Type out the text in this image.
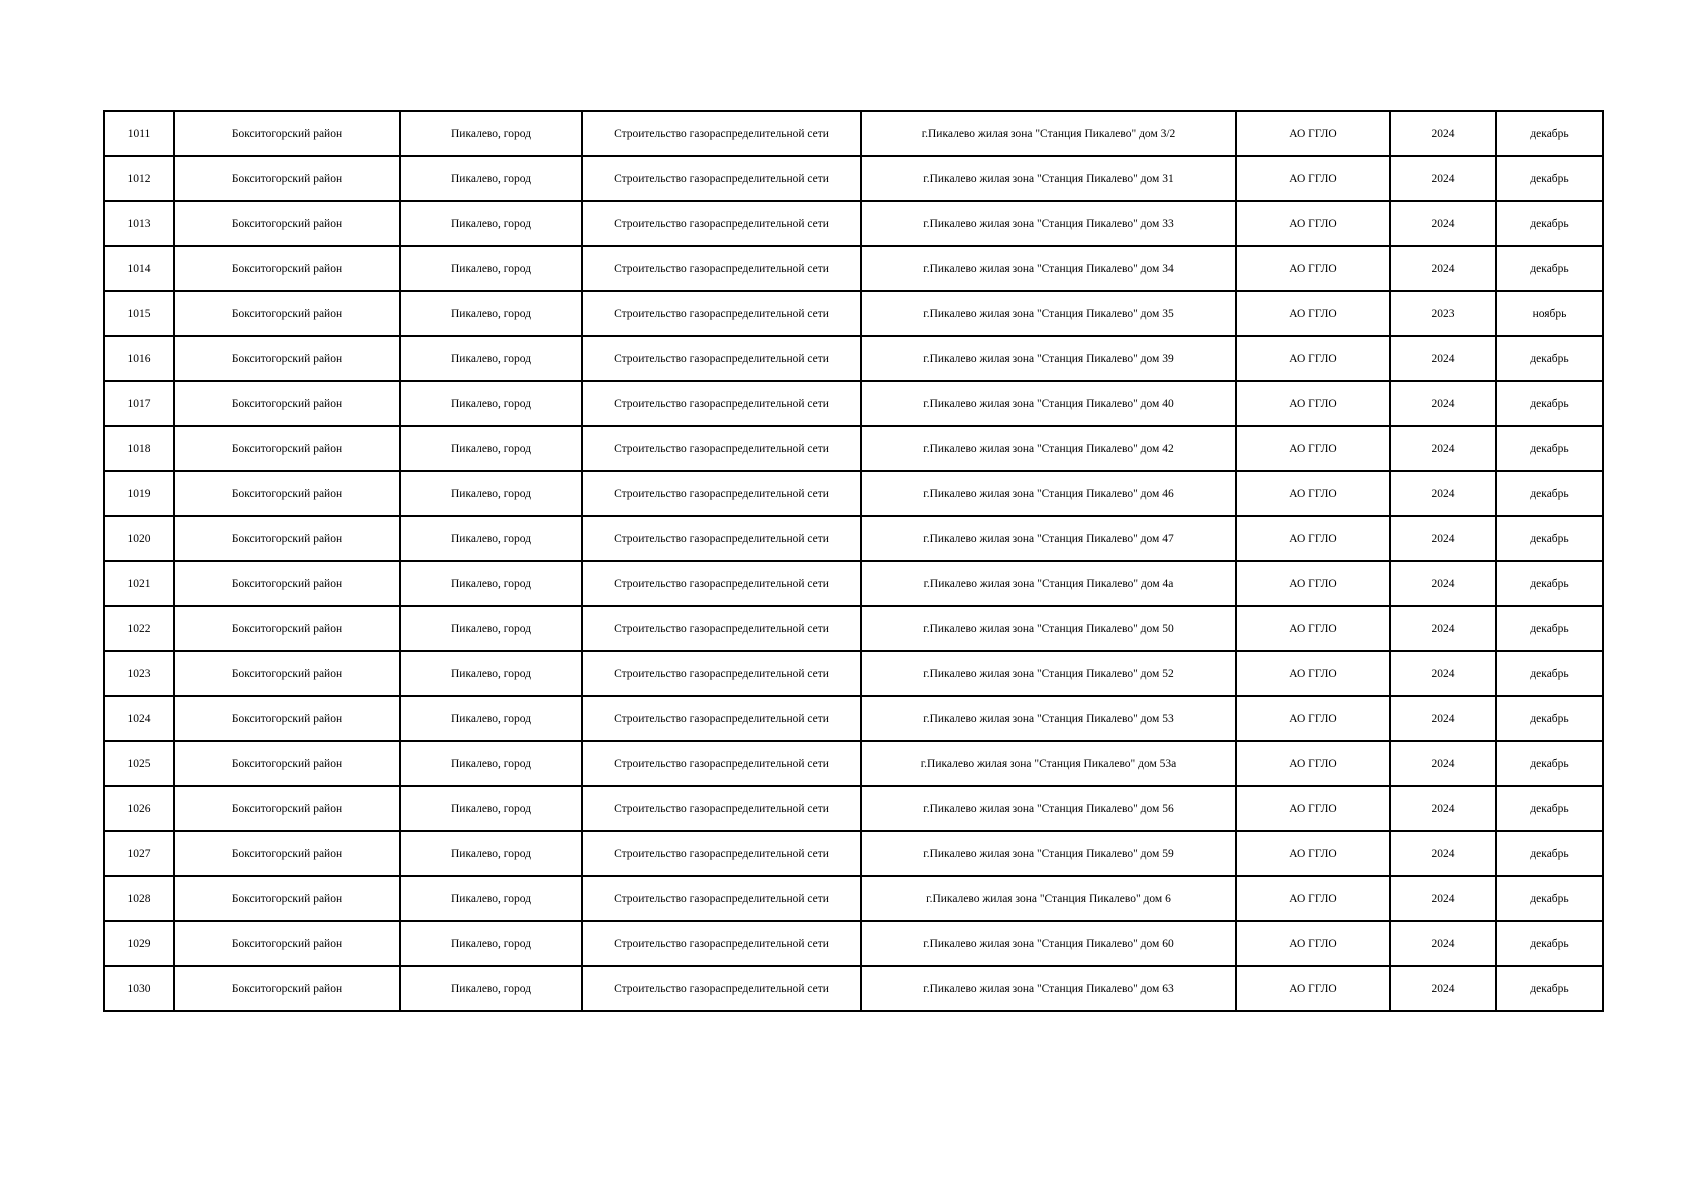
1011	Бокситогорский район	Пикалево, город	Строительство газораспределительной сети	г.Пикалево жилая зона "Станция Пикалево" дом 3/2	АО ГГЛО	2024	декабрь
1012	Бокситогорский район	Пикалево, город	Строительство газораспределительной сети	г.Пикалево жилая зона "Станция Пикалево" дом 31	АО ГГЛО	2024	декабрь
1013	Бокситогорский район	Пикалево, город	Строительство газораспределительной сети	г.Пикалево жилая зона "Станция Пикалево" дом 33	АО ГГЛО	2024	декабрь
1014	Бокситогорский район	Пикалево, город	Строительство газораспределительной сети	г.Пикалево жилая зона "Станция Пикалево" дом 34	АО ГГЛО	2024	декабрь
1015	Бокситогорский район	Пикалево, город	Строительство газораспределительной сети	г.Пикалево жилая зона "Станция Пикалево" дом 35	АО ГГЛО	2023	ноябрь
1016	Бокситогорский район	Пикалево, город	Строительство газораспределительной сети	г.Пикалево жилая зона "Станция Пикалево" дом 39	АО ГГЛО	2024	декабрь
1017	Бокситогорский район	Пикалево, город	Строительство газораспределительной сети	г.Пикалево жилая зона "Станция Пикалево" дом 40	АО ГГЛО	2024	декабрь
1018	Бокситогорский район	Пикалево, город	Строительство газораспределительной сети	г.Пикалево жилая зона "Станция Пикалево" дом 42	АО ГГЛО	2024	декабрь
1019	Бокситогорский район	Пикалево, город	Строительство газораспределительной сети	г.Пикалево жилая зона "Станция Пикалево" дом 46	АО ГГЛО	2024	декабрь
1020	Бокситогорский район	Пикалево, город	Строительство газораспределительной сети	г.Пикалево жилая зона "Станция Пикалево" дом 47	АО ГГЛО	2024	декабрь
1021	Бокситогорский район	Пикалево, город	Строительство газораспределительной сети	г.Пикалево жилая зона "Станция Пикалево" дом 4а	АО ГГЛО	2024	декабрь
1022	Бокситогорский район	Пикалево, город	Строительство газораспределительной сети	г.Пикалево жилая зона "Станция Пикалево" дом 50	АО ГГЛО	2024	декабрь
1023	Бокситогорский район	Пикалево, город	Строительство газораспределительной сети	г.Пикалево жилая зона "Станция Пикалево" дом 52	АО ГГЛО	2024	декабрь
1024	Бокситогорский район	Пикалево, город	Строительство газораспределительной сети	г.Пикалево жилая зона "Станция Пикалево" дом 53	АО ГГЛО	2024	декабрь
1025	Бокситогорский район	Пикалево, город	Строительство газораспределительной сети	г.Пикалево жилая зона "Станция Пикалево" дом 53а	АО ГГЛО	2024	декабрь
1026	Бокситогорский район	Пикалево, город	Строительство газораспределительной сети	г.Пикалево жилая зона "Станция Пикалево" дом 56	АО ГГЛО	2024	декабрь
1027	Бокситогорский район	Пикалево, город	Строительство газораспределительной сети	г.Пикалево жилая зона "Станция Пикалево" дом 59	АО ГГЛО	2024	декабрь
1028	Бокситогорский район	Пикалево, город	Строительство газораспределительной сети	г.Пикалево жилая зона "Станция Пикалево" дом 6	АО ГГЛО	2024	декабрь
1029	Бокситогорский район	Пикалево, город	Строительство газораспределительной сети	г.Пикалево жилая зона "Станция Пикалево" дом 60	АО ГГЛО	2024	декабрь
1030	Бокситогорский район	Пикалево, город	Строительство газораспределительной сети	г.Пикалево жилая зона "Станция Пикалево" дом 63	АО ГГЛО	2024	декабрь
